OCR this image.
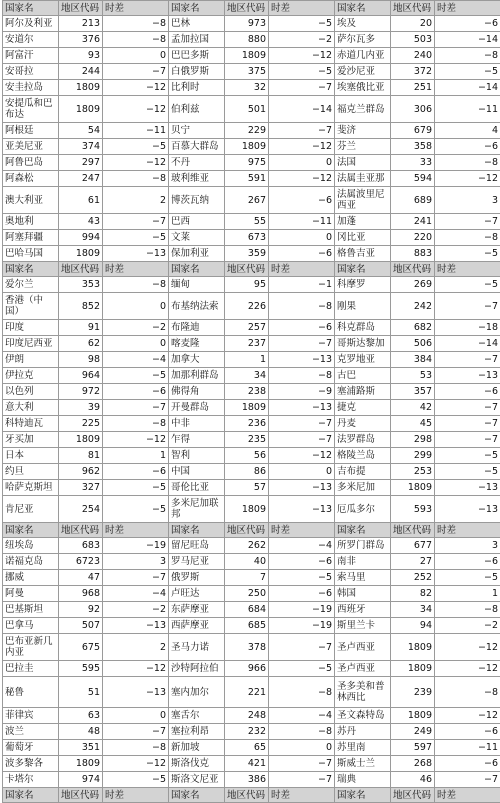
国家名	地区代码	时差	国家名	地区代码	时差	国家名	地区代码	时差
阿尔及利亚	213	−8	巴林	973	−5	埃及	20	−6
安道尔	376	−8	孟加拉国	880	−2	萨尔瓦多	503	−14
阿富汗	93	0	巴巴多斯	1809	−12	赤道几内亚	240	−8
安哥拉	244	−7	白俄罗斯	375	−5	爱沙尼亚	372	−5
安圭拉岛	1809	−12	比利时	32	−7	埃塞俄比亚	251	−14
安提瓜和巴布达	1809	−12	伯利兹	501	−14	福克兰群岛	306	−11
阿根廷	54	−11	贝宁	229	−7	斐济	679	4
亚美尼亚	374	−5	百慕大群岛	1809	−12	芬兰	358	−6
阿鲁巴岛	297	−12	不丹	975	0	法国	33	−8
阿森松	247	−8	玻利维亚	591	−12	法属圭亚那	594	−12
澳大利亚	61	2	博茨瓦纳	267	−6	法属波里尼西亚	689	3
奥地利	43	−7	巴西	55	−11	加蓬	241	−7
阿塞拜疆	994	−5	文莱	673	0	冈比亚	220	−8
巴哈马国	1809	−13	保加利亚	359	−6	格鲁吉亚	883	−5
国家名	地区代码	时差	国家名	地区代码	时差	国家名	地区代码	时差
爱尔兰	353	−8	缅甸	95	−1	科摩罗	269	−5
香港（中国）	852	0	布基纳法索	226	−8	刚果	242	−7
印度	91	−2	布隆迪	257	−6	科克群岛	682	−18
印度尼西亚	62	0	喀麦隆	237	−7	哥斯达黎加	506	−14
伊朗	98	−4	加拿大	1	−13	克罗地亚	384	−7
伊拉克	964	−5	加那利群岛	34	−8	古巴	53	−13
以色列	972	−6	佛得角	238	−9	塞浦路斯	357	−6
意大利	39	−7	开曼群岛	1809	−13	捷克	42	−7
科特迪瓦	225	−8	中非	236	−7	丹麦	45	−7
牙买加	1809	−12	乍得	235	−7	法罗群岛	298	−7
日本	81	1	智利	56	−12	格陵兰岛	299	−5
约旦	962	−6	中国	86	0	吉布提	253	−5
哈萨克斯坦	327	−5	哥伦比亚	57	−13	多米尼加	1809	−13
肯尼亚	254	−5	多米尼加联邦	1809	−13	厄瓜多尔	593	−13
国家名	地区代码	时差	国家名	地区代码	时差	国家名	地区代码	时差
纽埃岛	683	−19	留尼旺岛	262	−4	所罗门群岛	677	3
诺福克岛	6723	3	罗马尼亚	40	−6	南非	27	−6
挪威	47	−7	俄罗斯	7	−5	索马里	252	−5
阿曼	968	−4	卢旺达	250	−6	韩国	82	1
巴基斯坦	92	−2	东萨摩亚	684	−19	西班牙	34	−8
巴拿马	507	−13	西萨摩亚	685	−19	斯里兰卡	94	−2
巴布亚新几内亚	675	2	圣马力诺	378	−7	圣卢西亚	1809	−12
巴拉圭	595	−12	沙特阿拉伯	966	−5	圣卢西亚	1809	−12
秘鲁	51	−13	塞内加尔	221	−8	圣多美和普林西比	239	−8
菲律宾	63	0	塞舌尔	248	−4	圣文森特岛	1809	−12
波兰	48	−7	塞拉利昂	232	−8	苏丹	249	−6
葡萄牙	351	−8	新加坡	65	0	苏里南	597	−11
波多黎各	1809	−12	斯洛伐克	421	−7	斯威士兰	268	−6
卡塔尔	974	−5	斯洛文尼亚	386	−7	瑞典	46	−7
国家名	地区代码	时差	国家名	地区代码	时差	国家名	地区代码	时差
